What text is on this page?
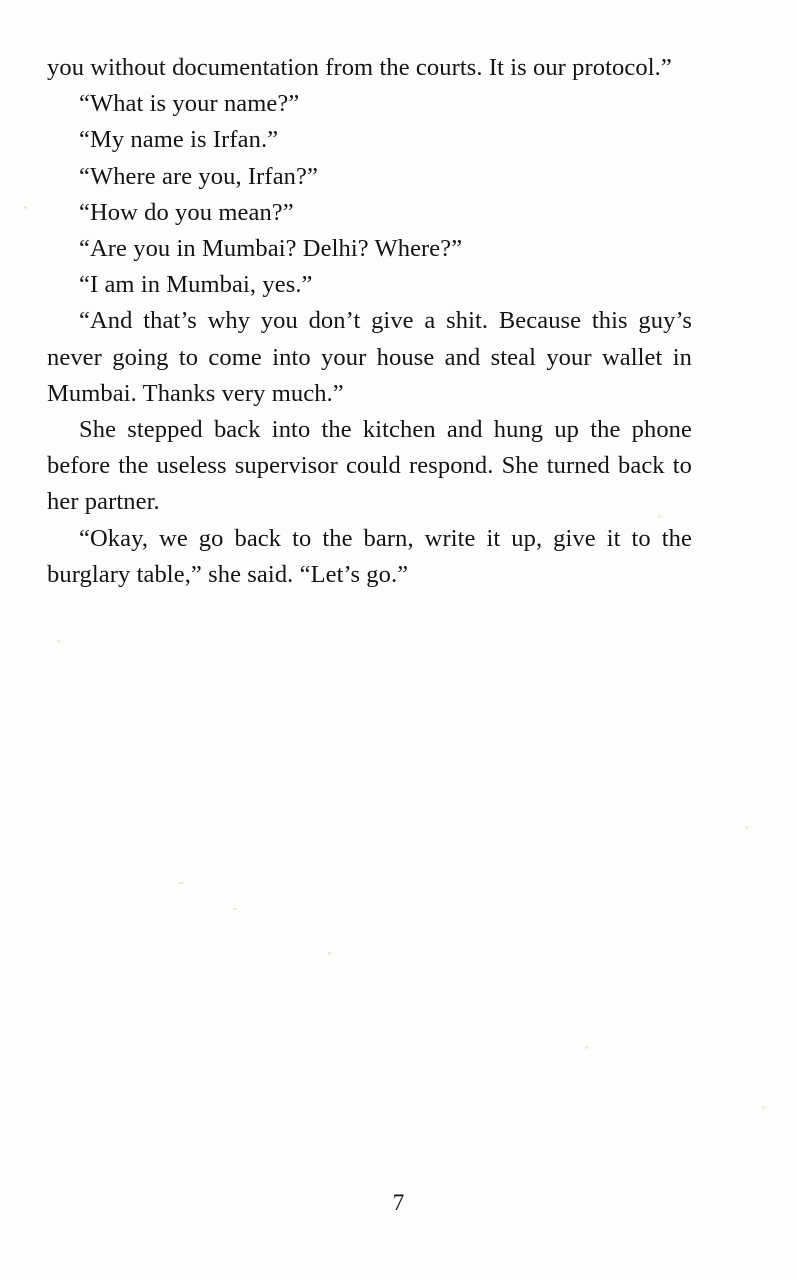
you without documentation from the courts. It is our protocol.”

“What is your name?”

“My name is Irfan.”

“Where are you, Irfan?”

“How do you mean?”

“Are you in Mumbai? Delhi? Where?”

“I am in Mumbai, yes.”

“And that’s why you don’t give a shit. Because this guy’s never going to come into your house and steal your wallet in Mumbai. Thanks very much.”

She stepped back into the kitchen and hung up the phone before the useless supervisor could respond. She turned back to her partner.

“Okay, we go back to the barn, write it up, give it to the burglary table,” she said. “Let’s go.”

7
